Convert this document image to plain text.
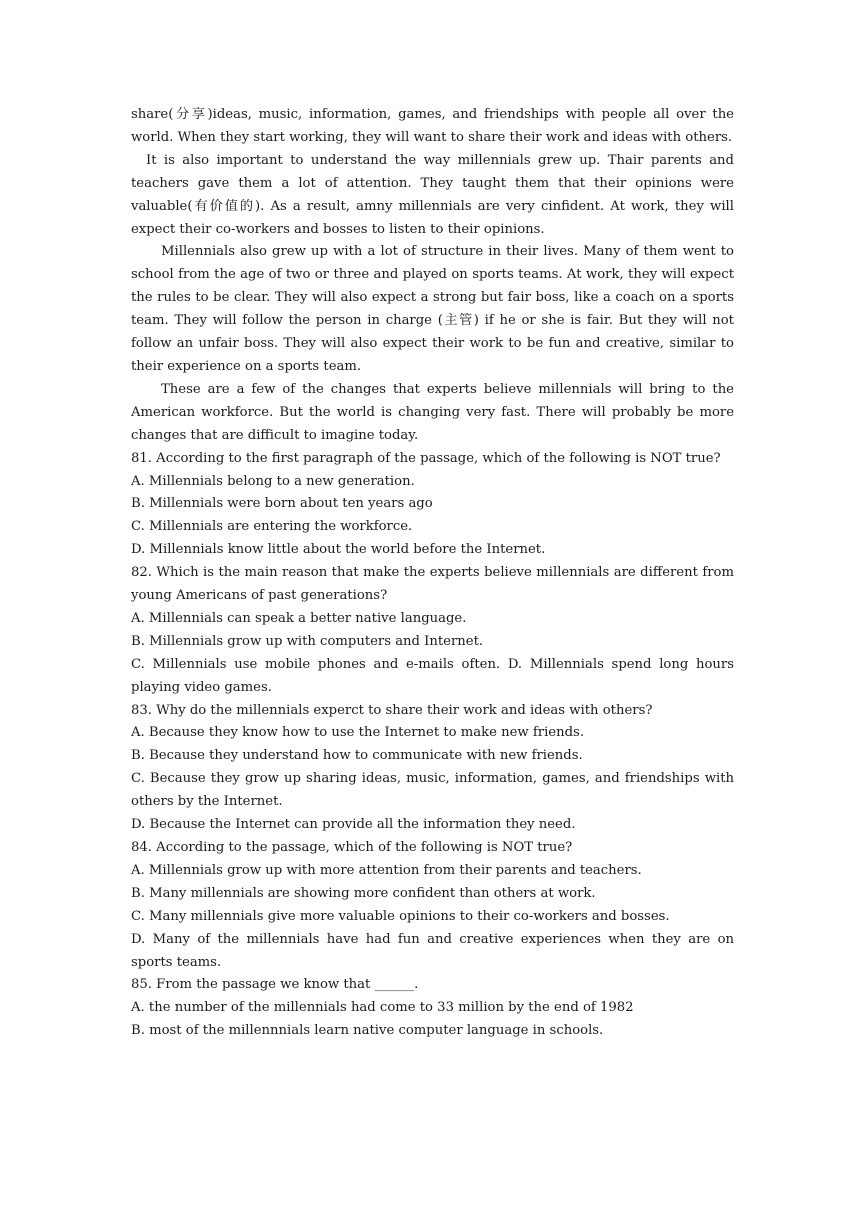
share(分享)ideas, music, information, games, and friendships with people all over the world. When they start working, they will want to share their work and ideas with others.

It is also important to understand the way millennials grew up. Thair parents and teachers gave them a lot of attention. They taught them that their opinions were valuable(有价值的). As a result, amny millennials are very cinfident. At work, they will expect their co-workers and bosses to listen to their opinions.

Millennials also grew up with a lot of structure in their lives. Many of them went to school from the age of two or three and played on sports teams. At work, they will expect the rules to be clear. They will also expect a strong but fair boss, like a coach on a sports team. They will follow the person in charge (主管) if he or she is fair. But they will not follow an unfair boss. They will also expect their work to be fun and creative, similar to their experience on a sports team.

These are a few of the changes that experts believe millennials will bring to the American workforce. But the world is changing very fast. There will probably be more changes that are difficult to imagine today.

81. According to the first paragraph of the passage, which of the following is NOT true?

A. Millennials belong to a new generation.

B. Millennials were born about ten years ago

C. Millennials are entering the workforce.

D. Millennials know little about the world before the Internet.

82. Which is the main reason that make the experts believe millennials are different from young Americans of past generations?

A. Millennials can speak a better native language.

B. Millennials grow up with computers and Internet.

C. Millennials use mobile phones and e-mails often. D. Millennials spend long hours playing video games.

83. Why do the millennials experct to share their work and ideas with others?

A. Because they know how to use the Internet to make new friends.

B. Because they understand how to communicate with new friends.

C. Because they grow up sharing ideas, music, information, games, and friendships with others by the Internet.

D. Because the Internet can provide all the information they need.

84. According to the passage, which of the following is NOT true?

A. Millennials grow up with more attention from their parents and teachers.

B. Many millennials are showing more confident than others at work.

C. Many millennials give more valuable opinions to their co-workers and bosses.

D. Many of the millennials have had fun and creative experiences when they are on sports teams.

85. From the passage we know that ______.

A. the number of the millennials had come to 33 million by the end of 1982

B. most of the millennnials learn native computer language in schools.
